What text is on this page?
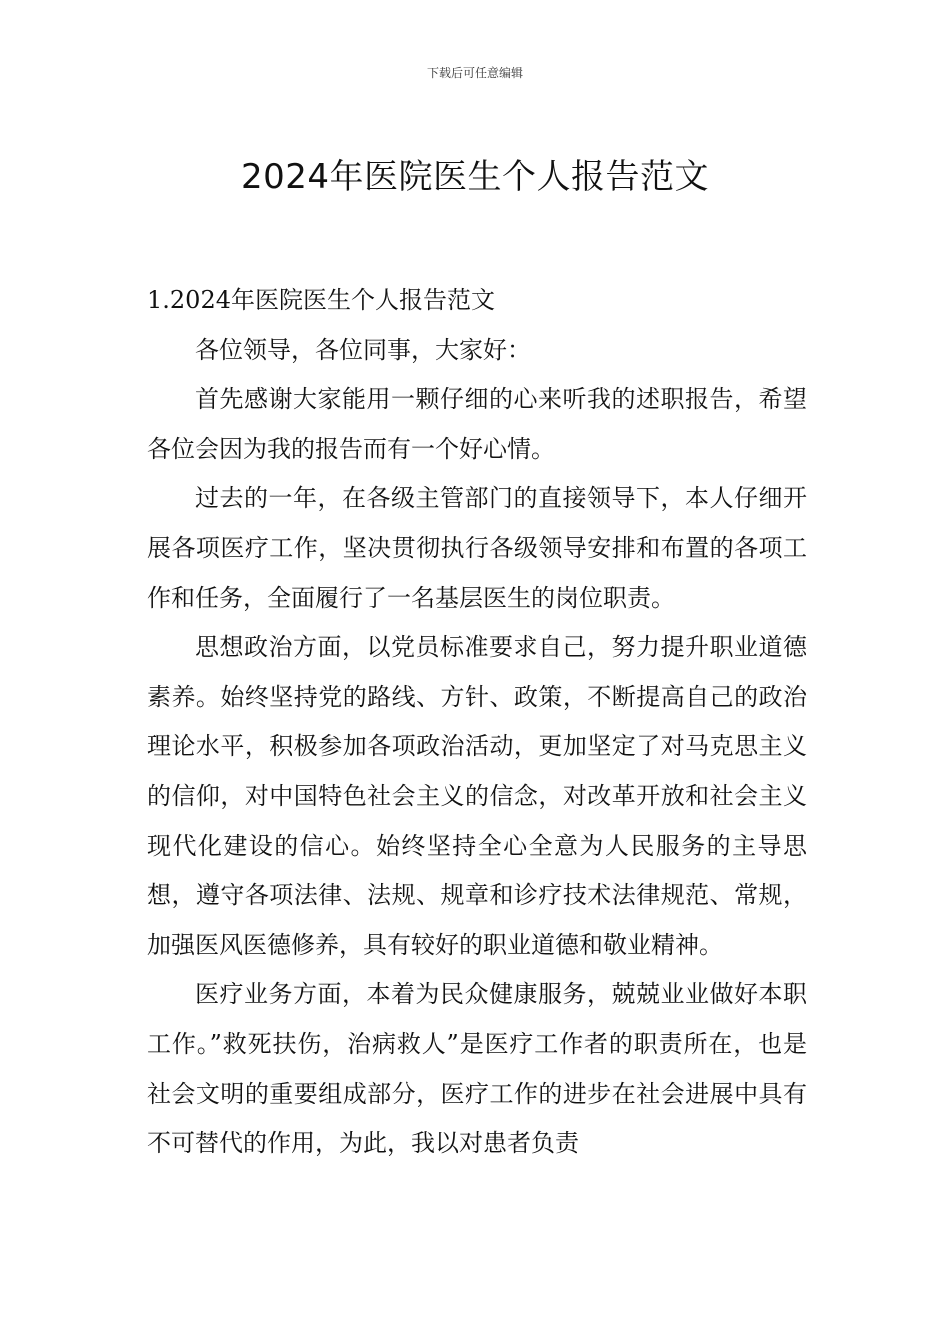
下载后可任意编辑
2024年医院医生个人报告范文

1.2024年医院医生个人报告范文

各位领导，各位同事，大家好：

首先感谢大家能用一颗仔细的心来听我的述职报告，希望各位会因为我的报告而有一个好心情。

过去的一年，在各级主管部门的直接领导下，本人仔细开展各项医疗工作，坚决贯彻执行各级领导安排和布置的各项工作和任务，全面履行了一名基层医生的岗位职责。

思想政治方面，以党员标准要求自己，努力提升职业道德素养。始终坚持党的路线、方针、政策，不断提高自己的政治理论水平，积极参加各项政治活动，更加坚定了对马克思主义的信仰，对中国特色社会主义的信念，对改革开放和社会主义现代化建设的信心。始终坚持全心全意为人民服务的主导思想，遵守各项法律、法规、规章和诊疗技术法律规范、常规，加强医风医德修养，具有较好的职业道德和敬业精神。

医疗业务方面，本着为民众健康服务，兢兢业业做好本职工作。”救死扶伤，治病救人”是医疗工作者的职责所在，也是社会文明的重要组成部分，医疗工作的进步在社会进展中具有不可替代的作用，为此，我以对患者负责
